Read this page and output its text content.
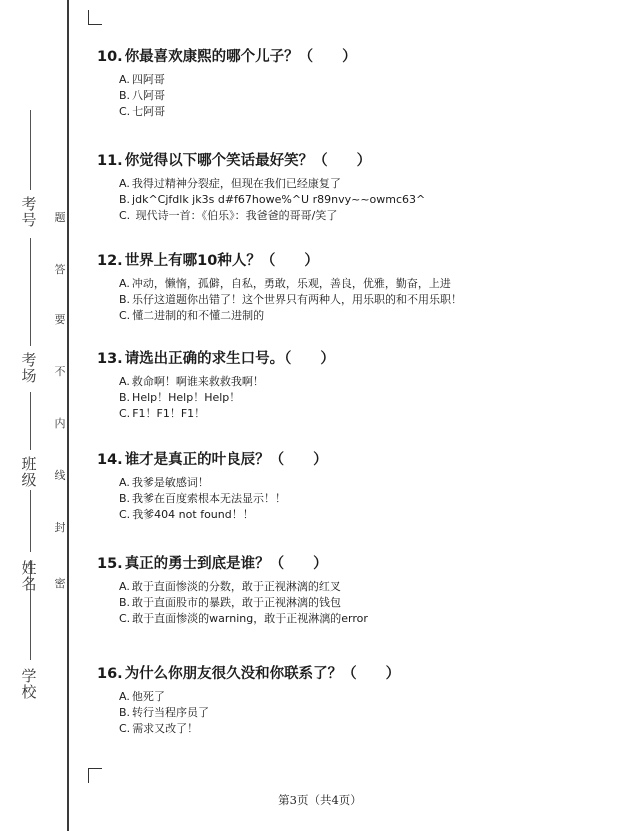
学校
姓名
班级
考场
考号
密
封
线
内
不
要
答
题
10. 你最喜欢康熙的哪个儿子？（　　）
A. 四阿哥
B. 八阿哥
C. 七阿哥
11. 你觉得以下哪个笑话最好笑？（　　）
A. 我得过精神分裂症，但现在我们已经康复了
B. jdk^Cjfdlk jk3s d#f67howe%^U r89nvy~~owmc63^
C. 现代诗一首：《伯乐》：我爸爸的哥哥/笑了
12. 世界上有哪10种人？（　　）
A. 冲动，懒惰，孤僻，自私，勇敢，乐观，善良，优雅，勤奋，上进
B. 乐仔这道题你出错了！这个世界只有两种人，用乐职的和不用乐职！
C. 懂二进制的和不懂二进制的
13. 请选出正确的求生口号。（　　）
A. 救命啊！啊谁来救救我啊！
B. Help！Help！Help！
C. F1！F1！F1！
14. 谁才是真正的叶良辰？（　　）
A. 我爹是敏感词！
B. 我爹在百度索根本无法显示！！
C. 我爹404 not found！！
15. 真正的勇士到底是谁？（　　）
A. 敢于直面惨淡的分数，敢于正视淋漓的红叉
B. 敢于直面股市的暴跌，敢于正视淋漓的钱包
C. 敢于直面惨淡的warning，敢于正视淋漓的error
16. 为什么你朋友很久没和你联系了？（　　）
A. 他死了
B. 转行当程序员了
C. 需求又改了！
第3页（共4页）
